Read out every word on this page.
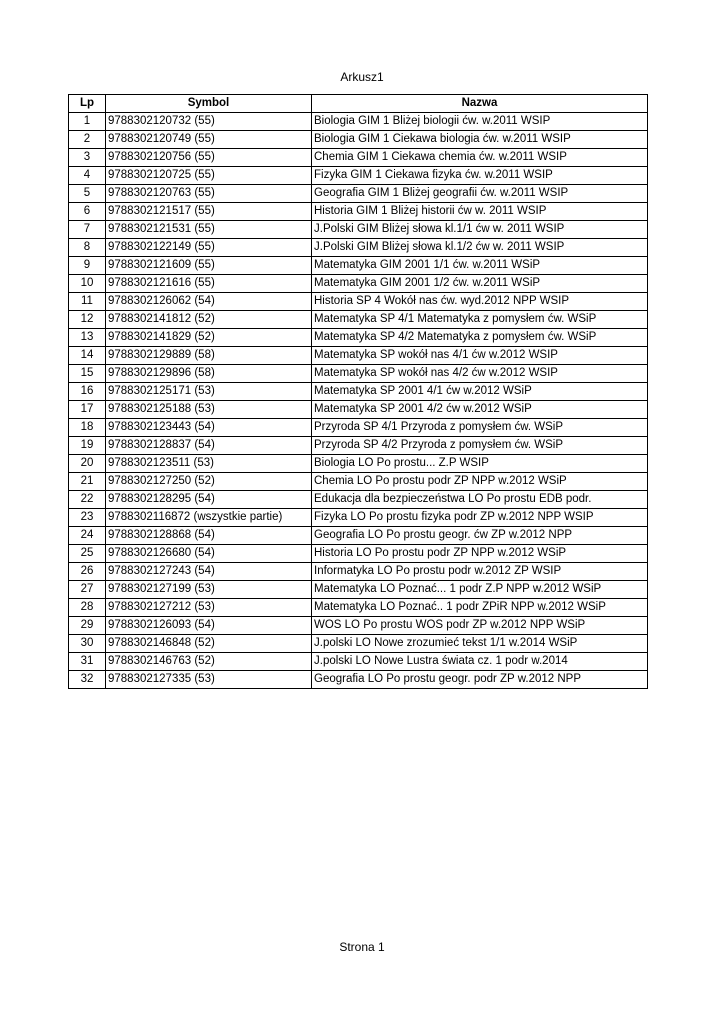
Arkusz1
Lp	Symbol	Nazwa
1	9788302120732 (55)	Biologia GIM 1 Bliżej biologii ćw. w.2011 WSIP
2	9788302120749 (55)	Biologia GIM 1 Ciekawa biologia ćw. w.2011 WSIP
3	9788302120756 (55)	Chemia GIM 1 Ciekawa chemia ćw. w.2011 WSIP
4	9788302120725 (55)	Fizyka GIM 1 Ciekawa fizyka ćw. w.2011 WSIP
5	9788302120763 (55)	Geografia GIM 1 Bliżej geografii ćw. w.2011 WSIP
6	9788302121517 (55)	Historia GIM 1 Bliżej historii ćw w. 2011 WSIP
7	9788302121531 (55)	J.Polski GIM Bliżej słowa kl.1/1 ćw w. 2011 WSIP
8	9788302122149 (55)	J.Polski GIM Bliżej słowa kl.1/2 ćw w. 2011 WSIP
9	9788302121609 (55)	Matematyka GIM 2001 1/1 ćw. w.2011 WSiP
10	9788302121616 (55)	Matematyka GIM 2001 1/2 ćw. w.2011 WSiP
11	9788302126062 (54)	Historia SP 4 Wokół nas ćw. wyd.2012 NPP WSIP
12	9788302141812 (52)	Matematyka SP 4/1 Matematyka z pomysłem ćw. WSiP
13	9788302141829 (52)	Matematyka SP 4/2 Matematyka z pomysłem ćw. WSiP
14	9788302129889 (58)	Matematyka SP wokół nas 4/1 ćw w.2012 WSIP
15	9788302129896 (58)	Matematyka SP wokół nas 4/2 ćw w.2012 WSIP
16	9788302125171 (53)	Matematyka SP 2001 4/1 ćw w.2012 WSiP
17	9788302125188 (53)	Matematyka SP 2001 4/2 ćw w.2012 WSiP
18	9788302123443 (54)	Przyroda SP 4/1 Przyroda z pomysłem ćw. WSiP
19	9788302128837 (54)	Przyroda SP 4/2 Przyroda z pomysłem ćw. WSiP
20	9788302123511 (53)	Biologia LO Po prostu... Z.P WSIP
21	9788302127250 (52)	Chemia LO Po prostu podr ZP NPP w.2012 WSiP
22	9788302128295 (54)	Edukacja dla bezpieczeństwa LO Po prostu EDB podr.
23	9788302116872 (wszystkie partie)	Fizyka LO Po prostu fizyka podr ZP w.2012 NPP WSIP
24	9788302128868 (54)	Geografia LO Po prostu geogr. ćw ZP w.2012 NPP
25	9788302126680 (54)	Historia LO Po prostu podr ZP NPP w.2012 WSiP
26	9788302127243 (54)	Informatyka LO Po prostu podr w.2012 ZP WSIP
27	9788302127199 (53)	Matematyka LO Poznać... 1 podr Z.P NPP w.2012 WSiP
28	9788302127212 (53)	Matematyka LO Poznać.. 1 podr ZPiR NPP w.2012 WSiP
29	9788302126093 (54)	WOS LO Po prostu WOS podr ZP w.2012 NPP WSiP
30	9788302146848 (52)	J.polski LO Nowe zrozumieć tekst 1/1 w.2014 WSiP
31	9788302146763 (52)	J.polski LO Nowe Lustra świata cz. 1 podr w.2014
32	9788302127335 (53)	Geografia LO Po prostu geogr. podr ZP w.2012 NPP
Strona 1
